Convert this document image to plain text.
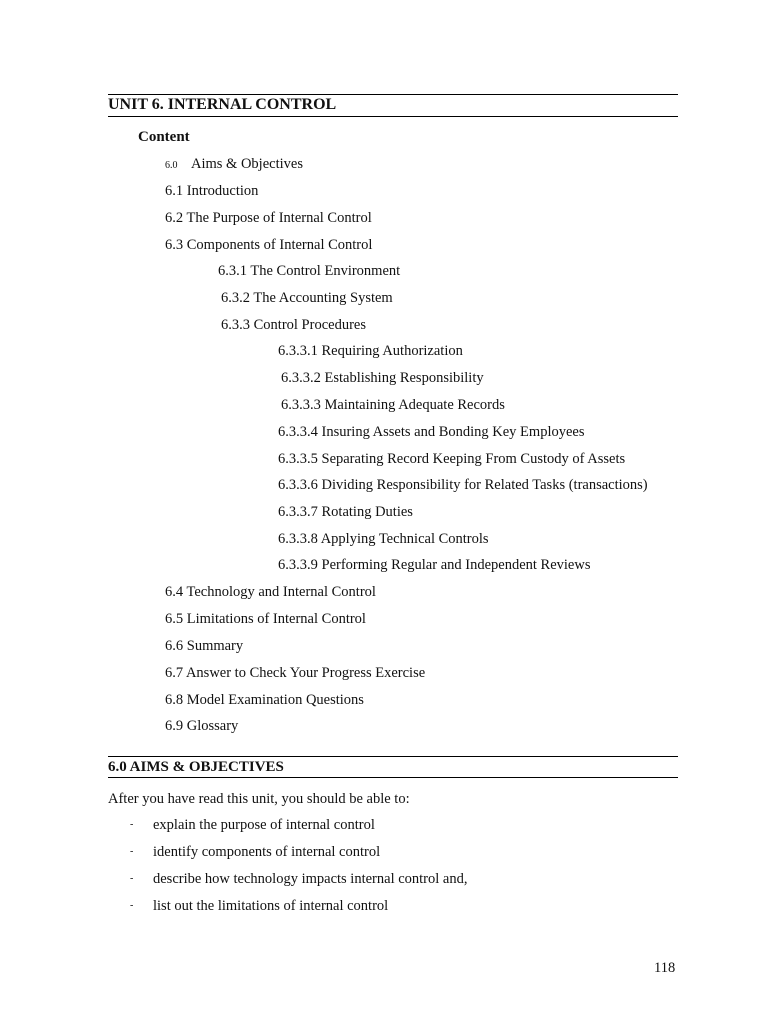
UNIT 6. INTERNAL CONTROL
Content
6.0 Aims & Objectives
6.1 Introduction
6.2 The Purpose of Internal Control
6.3 Components of Internal Control
6.3.1 The Control Environment
6.3.2 The Accounting System
6.3.3 Control Procedures
6.3.3.1 Requiring Authorization
6.3.3.2 Establishing Responsibility
6.3.3.3 Maintaining Adequate Records
6.3.3.4 Insuring Assets and Bonding Key Employees
6.3.3.5 Separating Record Keeping From Custody of Assets
6.3.3.6 Dividing Responsibility for Related Tasks (transactions)
6.3.3.7 Rotating Duties
6.3.3.8 Applying Technical Controls
6.3.3.9 Performing Regular and Independent Reviews
6.4 Technology and Internal Control
6.5 Limitations of Internal Control
6.6 Summary
6.7 Answer to Check Your Progress Exercise
6.8 Model Examination Questions
6.9 Glossary
6.0 AIMS & OBJECTIVES
After you have read this unit, you should be able to:
- explain the purpose of internal control
- identify components of internal control
- describe how technology impacts internal control and,
- list out the limitations of internal control
118
